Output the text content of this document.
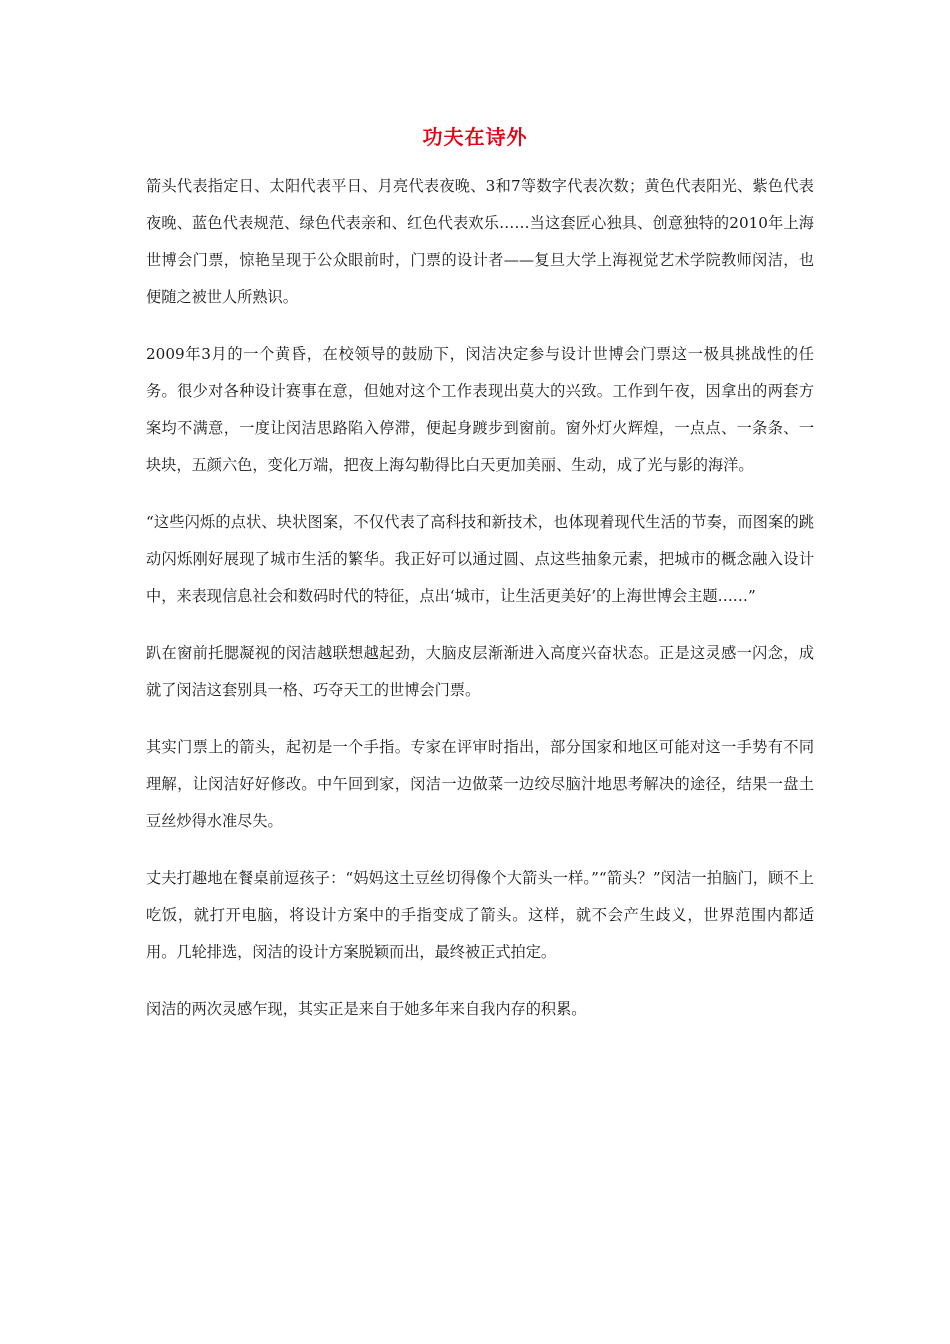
功夫在诗外

箭头代表指定日、太阳代表平日、月亮代表夜晚、3和7等数字代表次数；黄色代表阳光、紫色代表夜晚、蓝色代表规范、绿色代表亲和、红色代表欢乐……当这套匠心独具、创意独特的2010年上海世博会门票，惊艳呈现于公众眼前时，门票的设计者——复旦大学上海视觉艺术学院教师闵洁，也便随之被世人所熟识。

2009年3月的一个黄昏，在校领导的鼓励下，闵洁决定参与设计世博会门票这一极具挑战性的任务。很少对各种设计赛事在意，但她对这个工作表现出莫大的兴致。工作到午夜，因拿出的两套方案均不满意，一度让闵洁思路陷入停滞，便起身踱步到窗前。窗外灯火辉煌，一点点、一条条、一块块，五颜六色，变化万端，把夜上海勾勒得比白天更加美丽、生动，成了光与影的海洋。

“这些闪烁的点状、块状图案，不仅代表了高科技和新技术，也体现着现代生活的节奏，而图案的跳动闪烁刚好展现了城市生活的繁华。我正好可以通过圆、点这些抽象元素，把城市的概念融入设计中，来表现信息社会和数码时代的特征，点出‘城市，让生活更美好’的上海世博会主题……”

趴在窗前托腮凝视的闵洁越联想越起劲，大脑皮层渐渐进入高度兴奋状态。正是这灵感一闪念，成就了闵洁这套别具一格、巧夺天工的世博会门票。

其实门票上的箭头，起初是一个手指。专家在评审时指出，部分国家和地区可能对这一手势有不同理解，让闵洁好好修改。中午回到家，闵洁一边做菜一边绞尽脑汁地思考解决的途径，结果一盘土豆丝炒得水准尽失。

丈夫打趣地在餐桌前逗孩子：“妈妈这土豆丝切得像个大箭头一样。”“箭头？”闵洁一拍脑门，顾不上吃饭，就打开电脑，将设计方案中的手指变成了箭头。这样，就不会产生歧义，世界范围内都适用。几轮排选，闵洁的设计方案脱颖而出，最终被正式拍定。

闵洁的两次灵感乍现，其实正是来自于她多年来自我内存的积累。
